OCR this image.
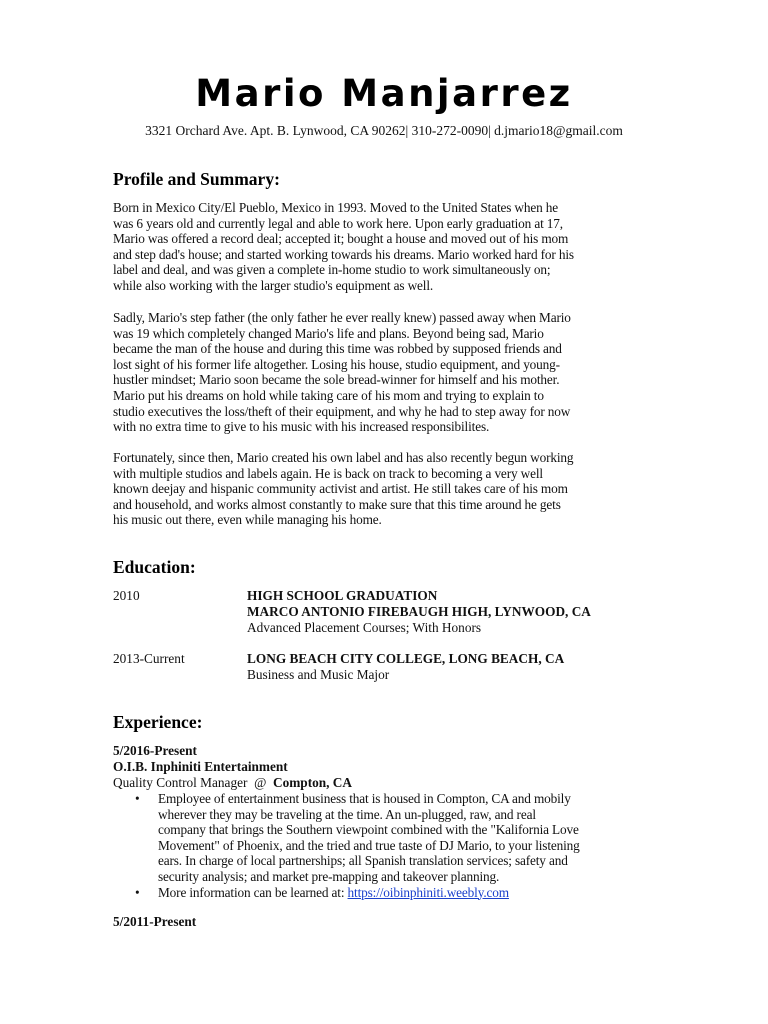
Mario Manjarrez

3321 Orchard Ave. Apt. B. Lynwood, CA 90262| 310-272-0090| d.jmario18@gmail.com

Profile and Summary:

Born in Mexico City/El Pueblo, Mexico in 1993. Moved to the United States when he
was 6 years old and currently legal and able to work here. Upon early graduation at 17,
Mario was offered a record deal; accepted it; bought a house and moved out of his mom
and step dad's house; and started working towards his dreams. Mario worked hard for his
label and deal, and was given a complete in-home studio to work simultaneously on;
while also working with the larger studio's equipment as well.

Sadly, Mario's step father (the only father he ever really knew) passed away when Mario
was 19 which completely changed Mario's life and plans. Beyond being sad, Mario
became the man of the house and during this time was robbed by supposed friends and
lost sight of his former life altogether. Losing his house, studio equipment, and young-
hustler mindset; Mario soon became the sole bread-winner for himself and his mother.
Mario put his dreams on hold while taking care of his mom and trying to explain to
studio executives the loss/theft of their equipment, and why he had to step away for now
with no extra time to give to his music with his increased responsibilites.

Fortunately, since then, Mario created his own label and has also recently begun working
with multiple studios and labels again. He is back on track to becoming a very well
known deejay and hispanic community activist and artist. He still takes care of his mom
and household, and works almost constantly to make sure that this time around he gets
his music out there, even while managing his home.

Education:
2010	HIGH SCHOOL GRADUATION
MARCO ANTONIO FIREBAUGH HIGH, LYNWOOD, CA
Advanced Placement Courses; With Honors
2013-Current	LONG BEACH CITY COLLEGE, LONG BEACH, CA
Business and Music Major
Experience:

5/2016-Present

O.I.B. Inphiniti Entertainment

Quality Control Manager  @  Compton, CA

• Employee of entertainment business that is housed in Compton, CA and mobily
wherever they may be traveling at the time. An un-plugged, raw, and real
company that brings the Southern viewpoint combined with the "Kalifornia Love
Movement" of Phoenix, and the tried and true taste of DJ Mario, to your listening
ears. In charge of local partnerships; all Spanish translation services; safety and
security analysis; and market pre-mapping and takeover planning.
• More information can be learned at: https://oibinphiniti.weebly.com

5/2011-Present
